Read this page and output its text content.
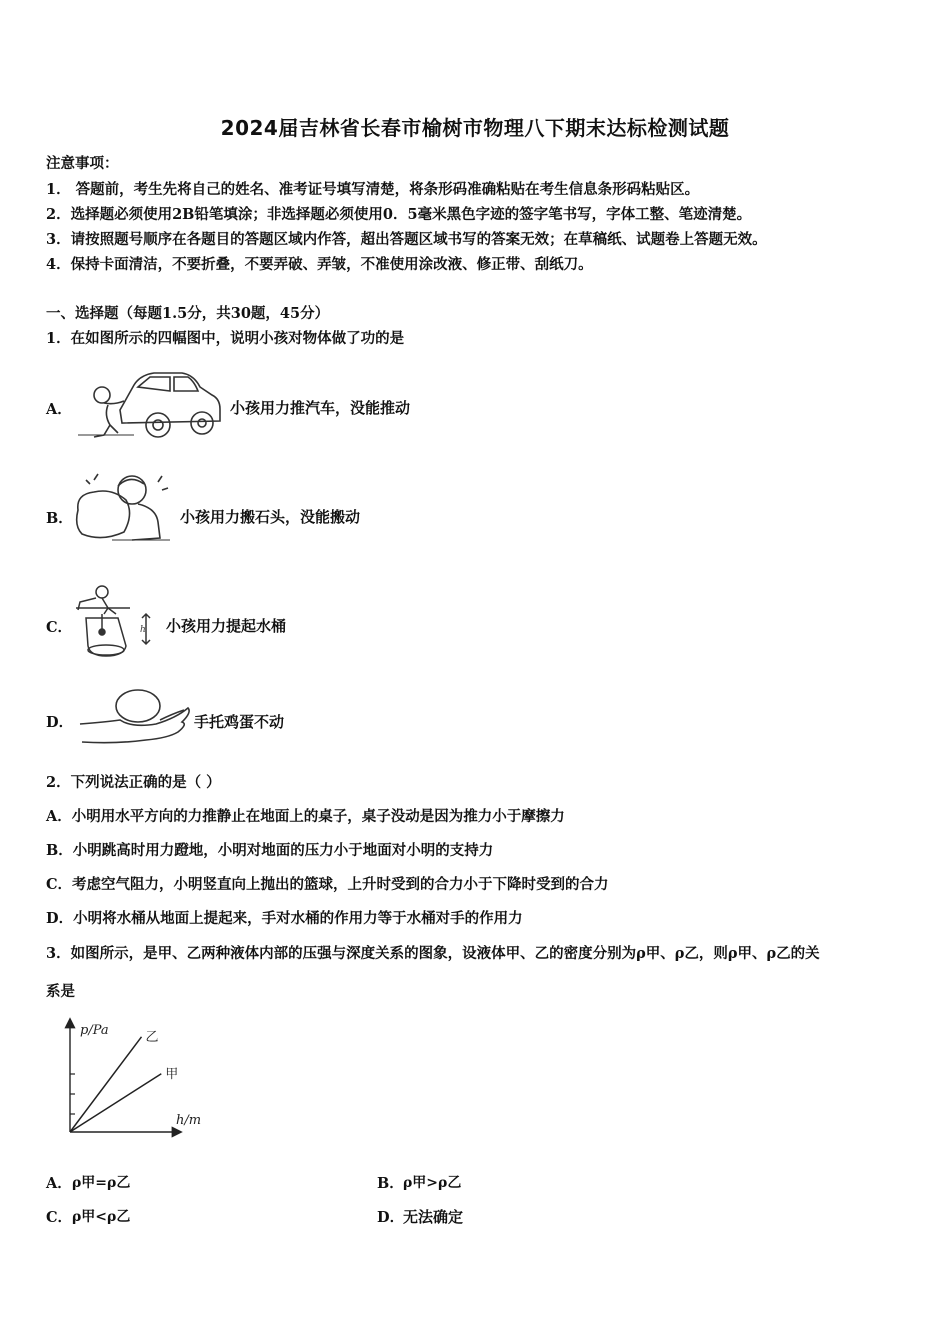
2024届吉林省长春市榆树市物理八下期末达标检测试题
注意事项：
1． 答题前，考生先将自己的姓名、准考证号填写清楚，将条形码准确粘贴在考生信息条形码粘贴区。
2．选择题必须使用2B铅笔填涂；非选择题必须使用0．5毫米黑色字迹的签字笔书写，字体工整、笔迹清楚。
3．请按照题号顺序在各题目的答题区域内作答，超出答题区域书写的答案无效；在草稿纸、试题卷上答题无效。
4．保持卡面清洁，不要折叠，不要弄破、弄皱，不准使用涂改液、修正带、刮纸刀。
一、选择题（每题1.5分，共30题，45分）
1．在如图所示的四幅图中，说明小孩对物体做了功的是
A．	小孩用力推汽车，没能推动
B．	小孩用力搬石头，没能搬动
C．	h 小孩用力提起水桶
D．	手托鸡蛋不动
2．下列说法正确的是（ ）
A．小明用水平方向的力推静止在地面上的桌子，桌子没动是因为推力小于摩擦力
B．小明跳高时用力蹬地，小明对地面的压力小于地面对小明的支持力
C．考虑空气阻力，小明竖直向上抛出的篮球，上升时受到的合力小于下降时受到的合力
D．小明将水桶从地面上提起来，手对水桶的作用力等于水桶对手的作用力
3．如图所示，是甲、乙两种液体内部的压强与深度关系的图象，设液体甲、乙的密度分别为ρ甲、ρ乙，则ρ甲、ρ乙的关
系是
p/Pa
h/m
乙
甲
A． ρ甲=ρ乙	B． ρ甲>ρ乙
C． ρ甲<ρ乙	D．
无法确定
